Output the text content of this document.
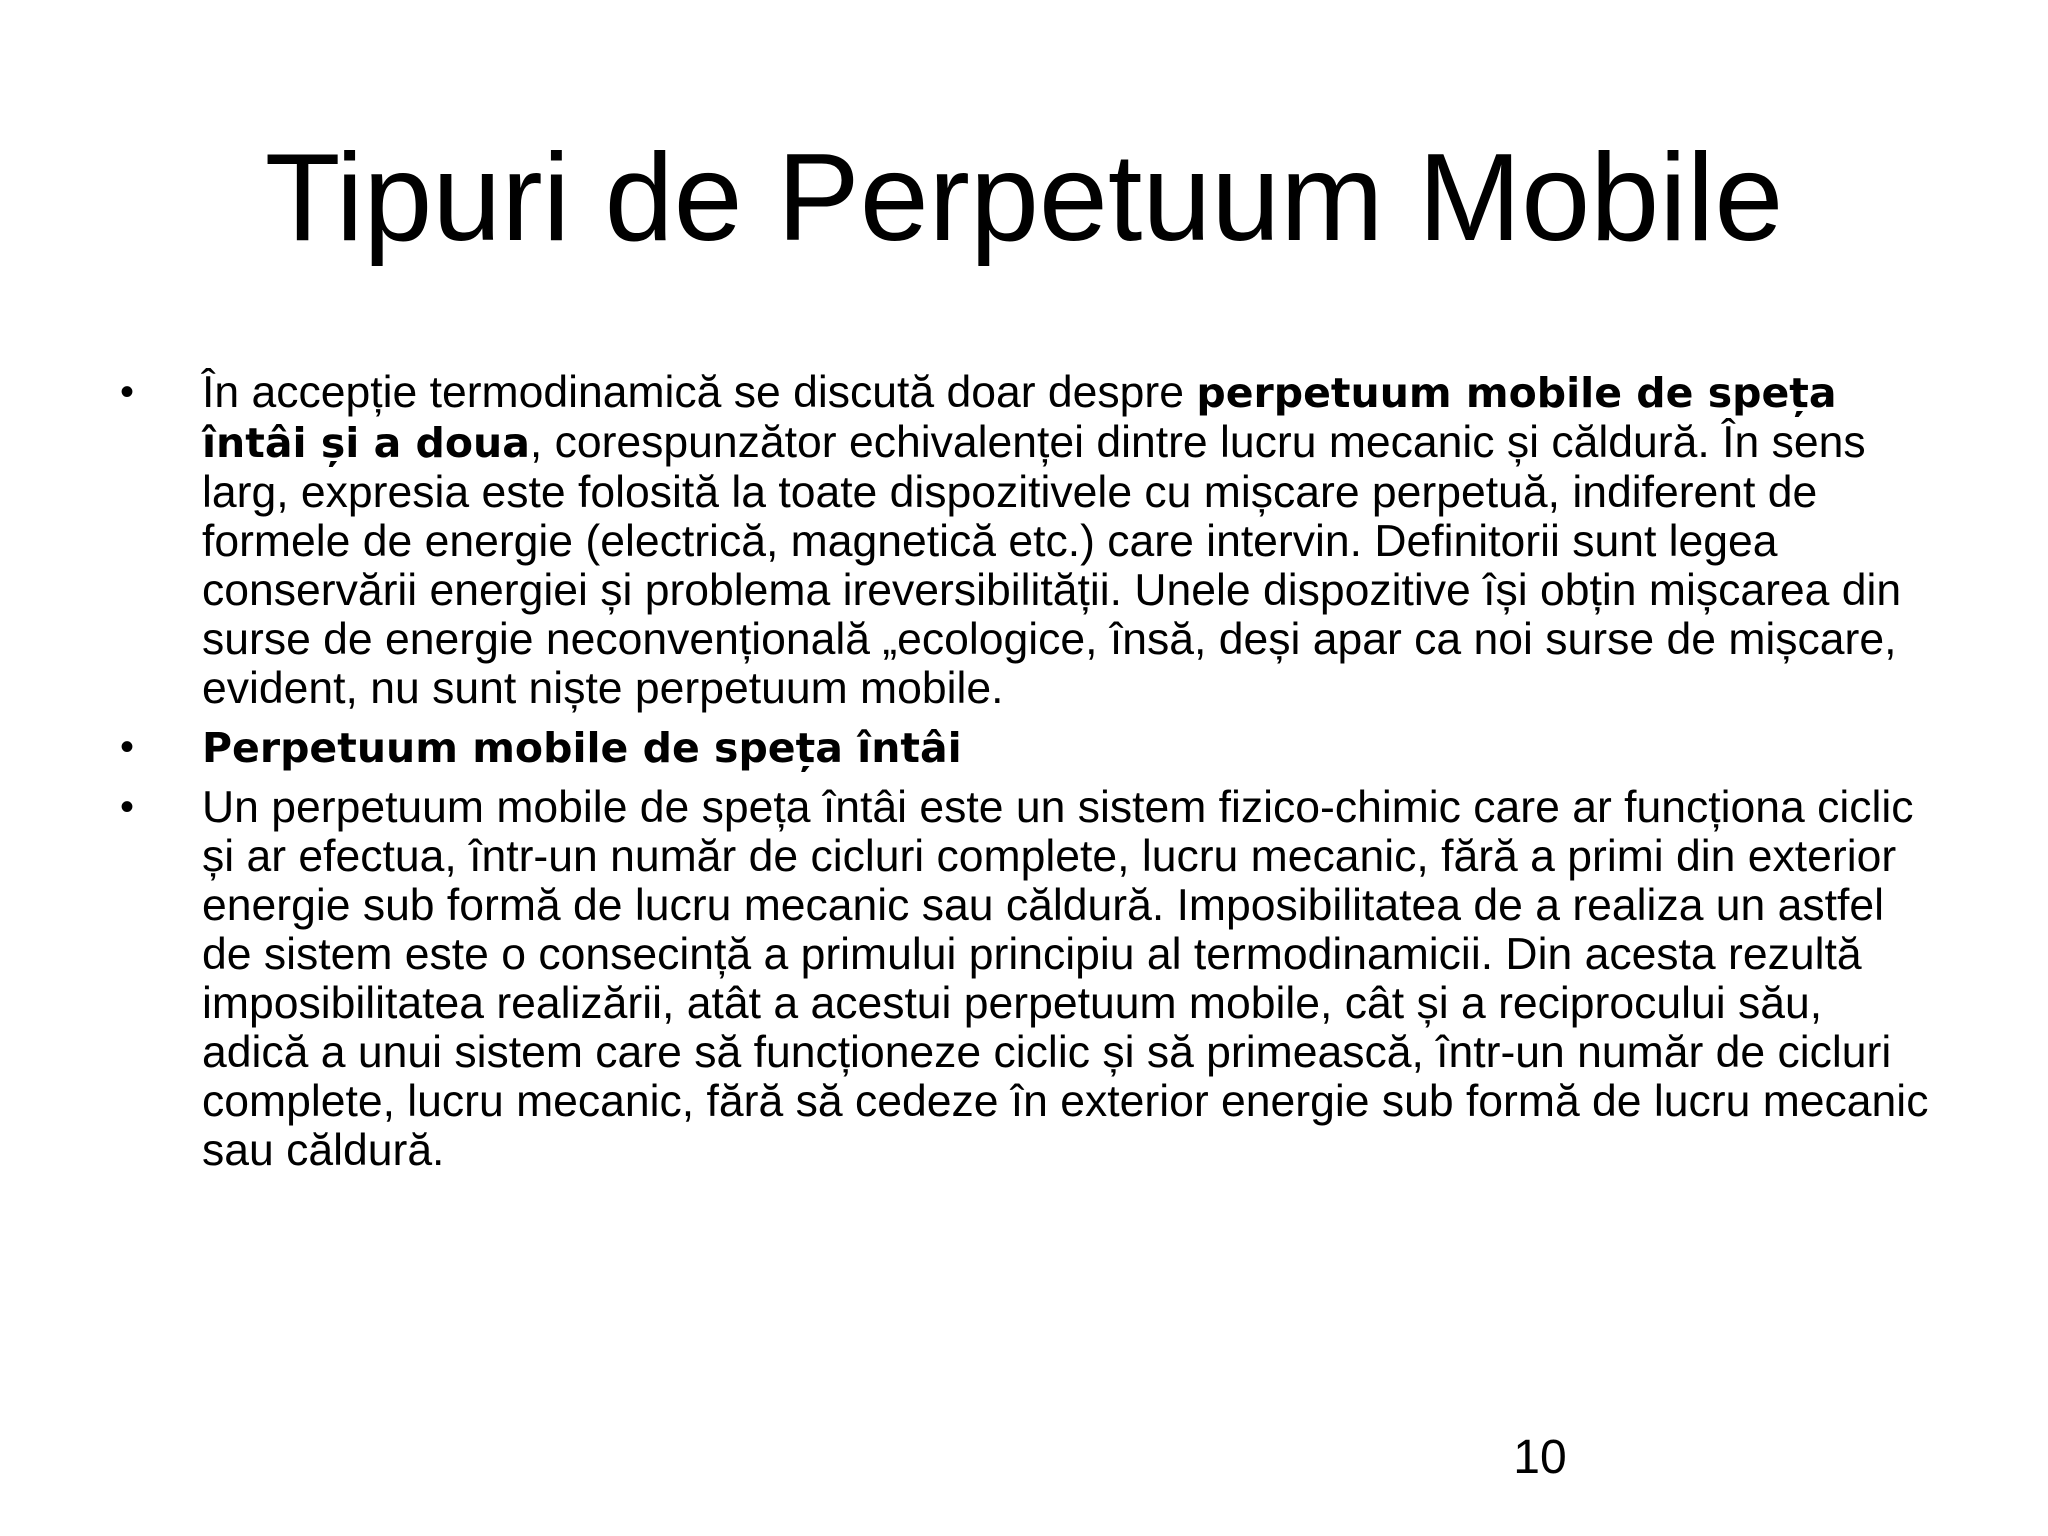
Tipuri de Perpetuum Mobile
•	În accepție termodinamică se discută doar despre perpetuum mobile de speța întâi și a doua, corespunzător echivalenței dintre lucru mecanic și căldură. În sens larg, expresia este folosită la toate dispozitivele cu mișcare perpetuă, indiferent de formele de energie (electrică, magnetică etc.) care intervin. Definitorii sunt legea conservării energiei și problema ireversibilității. Unele dispozitive își obțin mișcarea din surse de energie neconvențională „ecologice, însă, deși apar ca noi surse de mișcare, evident, nu sunt niște perpetuum mobile.
•	Perpetuum mobile de speța întâi
•	Un perpetuum mobile de speța întâi este un sistem fizico-chimic care ar funcționa ciclic și ar efectua, într-un număr de cicluri complete, lucru mecanic, fără a primi din exterior energie sub formă de lucru mecanic sau căldură. Imposibilitatea de a realiza un astfel de sistem este o consecință a primului principiu al termodinamicii. Din acesta rezultă imposibilitatea realizării, atât a acestui perpetuum mobile, cât și a reciprocului său, adică a unui sistem care să funcționeze ciclic și să primească, într-un număr de cicluri complete, lucru mecanic, fără să cedeze în exterior energie sub formă de lucru mecanic sau căldură.
10
